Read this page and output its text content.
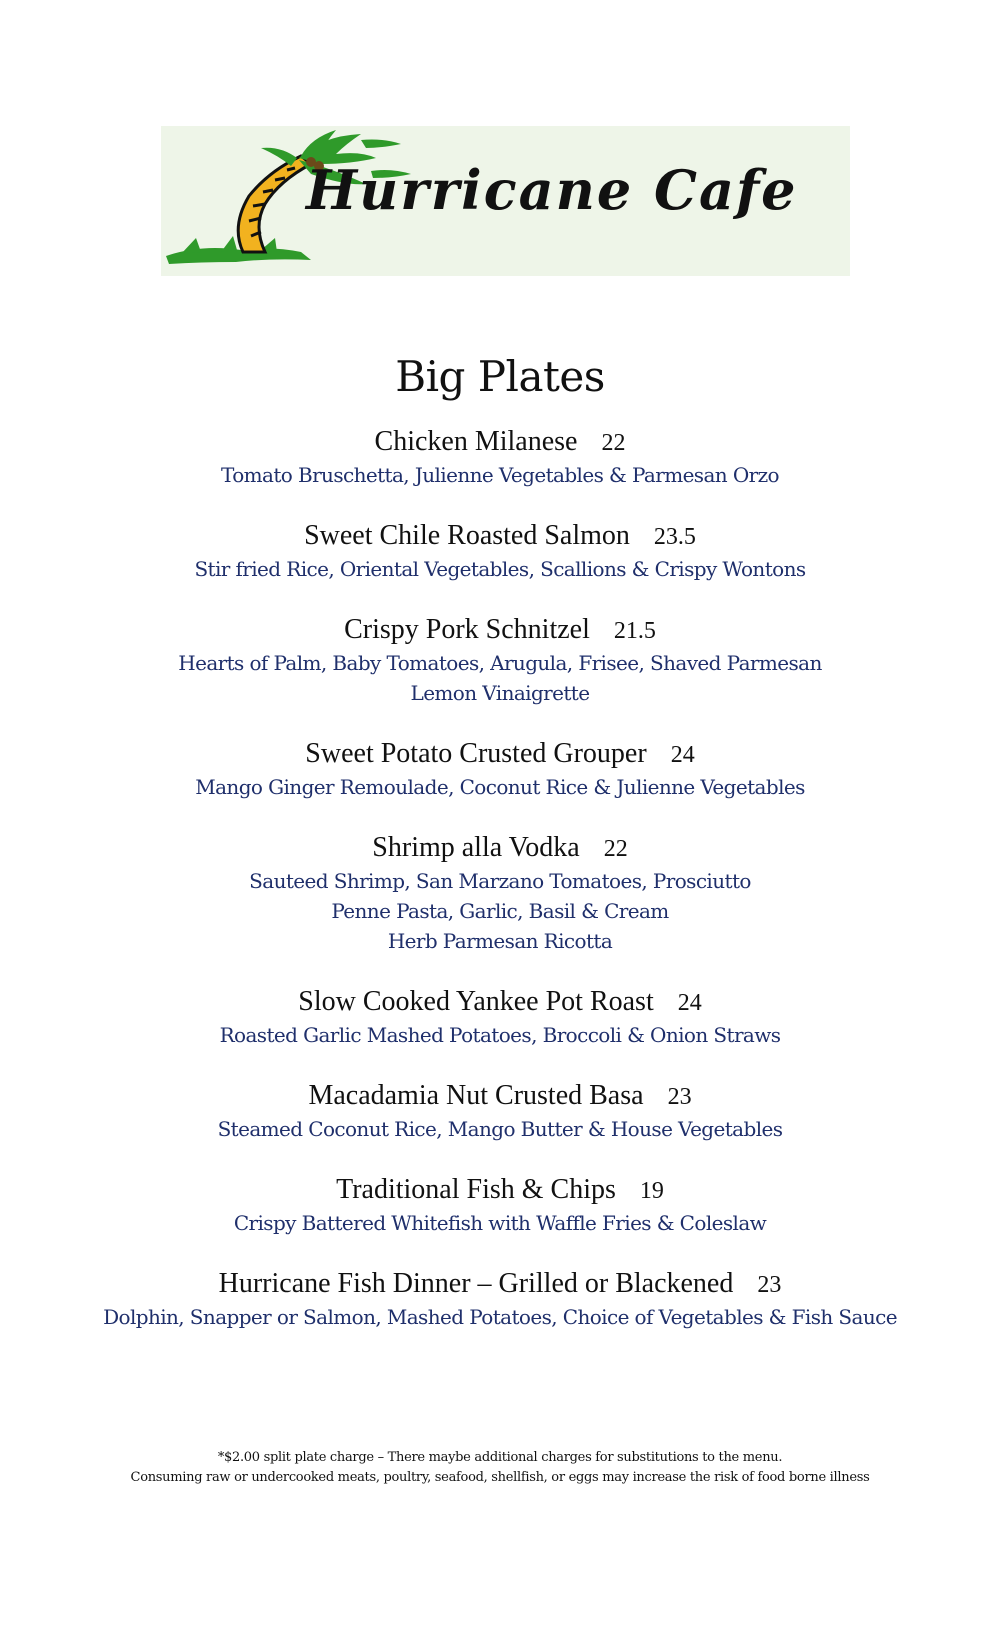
Hurricane Cafe
Big Plates
Chicken Milanese 22
Tomato Bruschetta, Julienne Vegetables & Parmesan Orzo
Sweet Chile Roasted Salmon 23.5
Stir fried Rice, Oriental Vegetables, Scallions & Crispy Wontons
Crispy Pork Schnitzel 21.5
Hearts of Palm, Baby Tomatoes, Arugula, Frisee, Shaved Parmesan
Lemon Vinaigrette
Sweet Potato Crusted Grouper 24
Mango Ginger Remoulade, Coconut Rice & Julienne Vegetables
Shrimp alla Vodka 22
Sauteed Shrimp, San Marzano Tomatoes, Prosciutto
Penne Pasta, Garlic, Basil & Cream
Herb Parmesan Ricotta
Slow Cooked Yankee Pot Roast 24
Roasted Garlic Mashed Potatoes, Broccoli & Onion Straws
Macadamia Nut Crusted Basa 23
Steamed Coconut Rice, Mango Butter & House Vegetables
Traditional Fish & Chips 19
Crispy Battered Whitefish with Waffle Fries & Coleslaw
Hurricane Fish Dinner – Grilled or Blackened 23
Dolphin, Snapper or Salmon, Mashed Potatoes, Choice of Vegetables & Fish Sauce
*$2.00 split plate charge – There maybe additional charges for substitutions to the menu.
Consuming raw or undercooked meats, poultry, seafood, shellfish, or eggs may increase the risk of food borne illness
